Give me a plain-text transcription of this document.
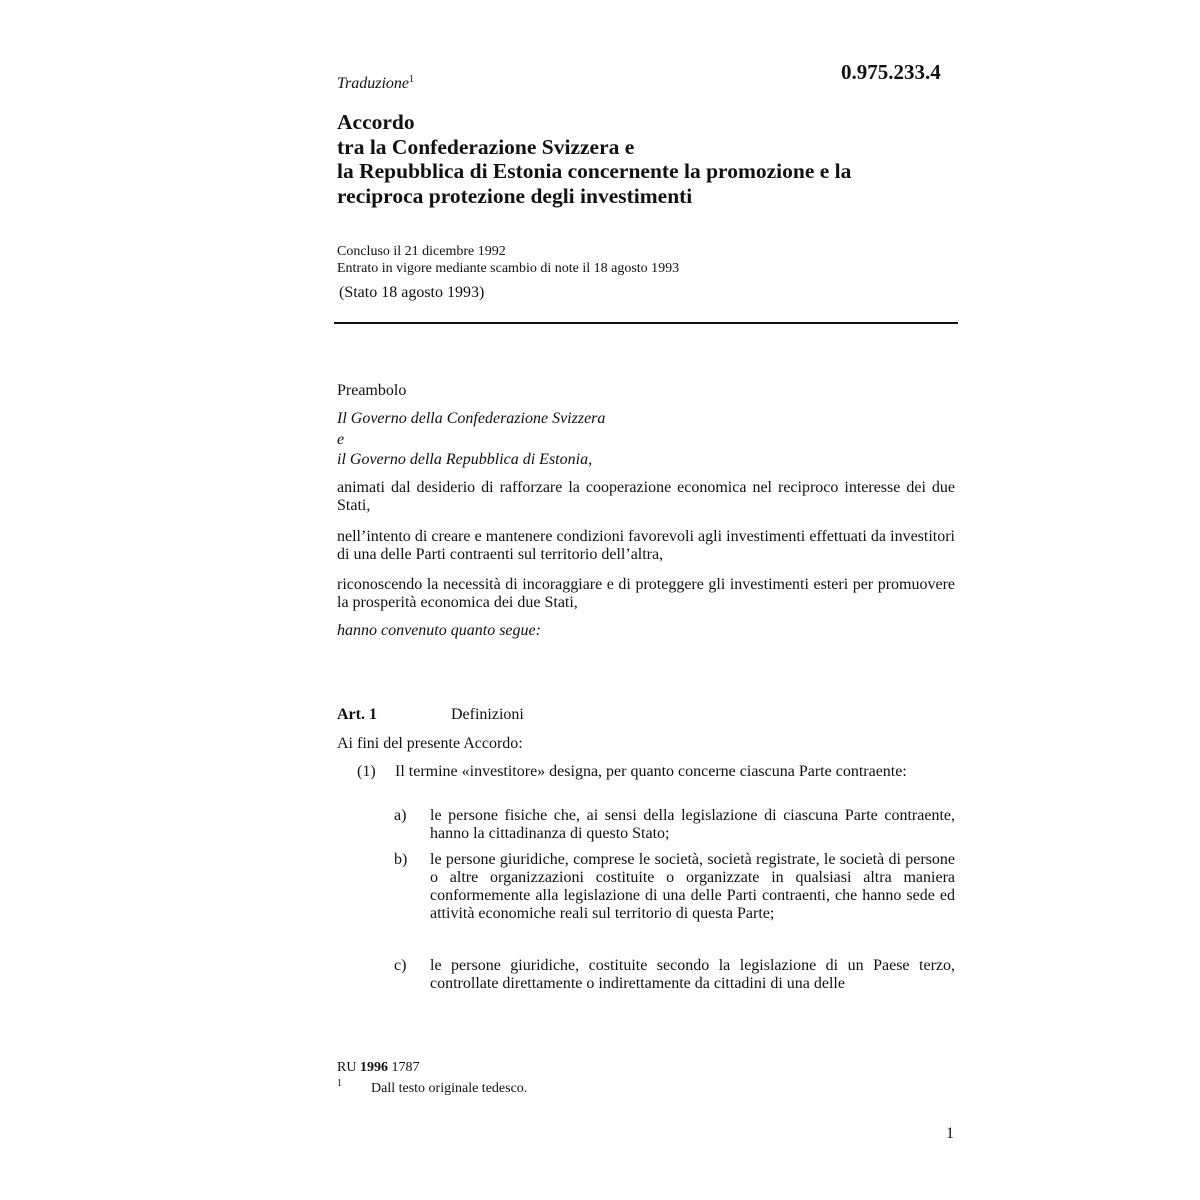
0.975.233.4
Traduzione$^1$
Accordo
tra la Confederazione Svizzera e
la Repubblica di Estonia concernente la promozione e la
reciproca protezione degli investimenti
Concluso il 21 dicembre 1992
Entrato in vigore mediante scambio di note il 18 agosto 1993
(Stato 18 agosto 1993)
Preambolo
Il Governo della Confederazione Svizzera
e
il Governo della Repubblica di Estonia,
animati dal desiderio di rafforzare la cooperazione economica nel reciproco interesse dei due Stati,
nell’intento di creare e mantenere condizioni favorevoli agli investimenti effettuati da investitori di una delle Parti contraenti sul territorio dell’altra,
riconoscendo la necessità di incoraggiare e di proteggere gli investimenti esteri per promuovere la prosperità economica dei due Stati,
hanno convenuto quanto segue:
Art. 1	Definizioni
Ai fini del presente Accordo:
(1) Il termine «investitore» designa, per quanto concerne ciascuna Parte contraente:
a) le persone fisiche che, ai sensi della legislazione di ciascuna Parte contraente, hanno la cittadinanza di questo Stato;
b) le persone giuridiche, comprese le società, società registrate, le società di persone o altre organizzazioni costituite o organizzate in qualsiasi altra maniera conformemente alla legislazione di una delle Parti contraenti, che hanno sede ed attività economiche reali sul territorio di questa Parte;
c) le persone giuridiche, costituite secondo la legislazione di un Paese terzo, controllate direttamente o indirettamente da cittadini di una delle
RU 1996 1787
1 Dall testo originale tedesco.
1
